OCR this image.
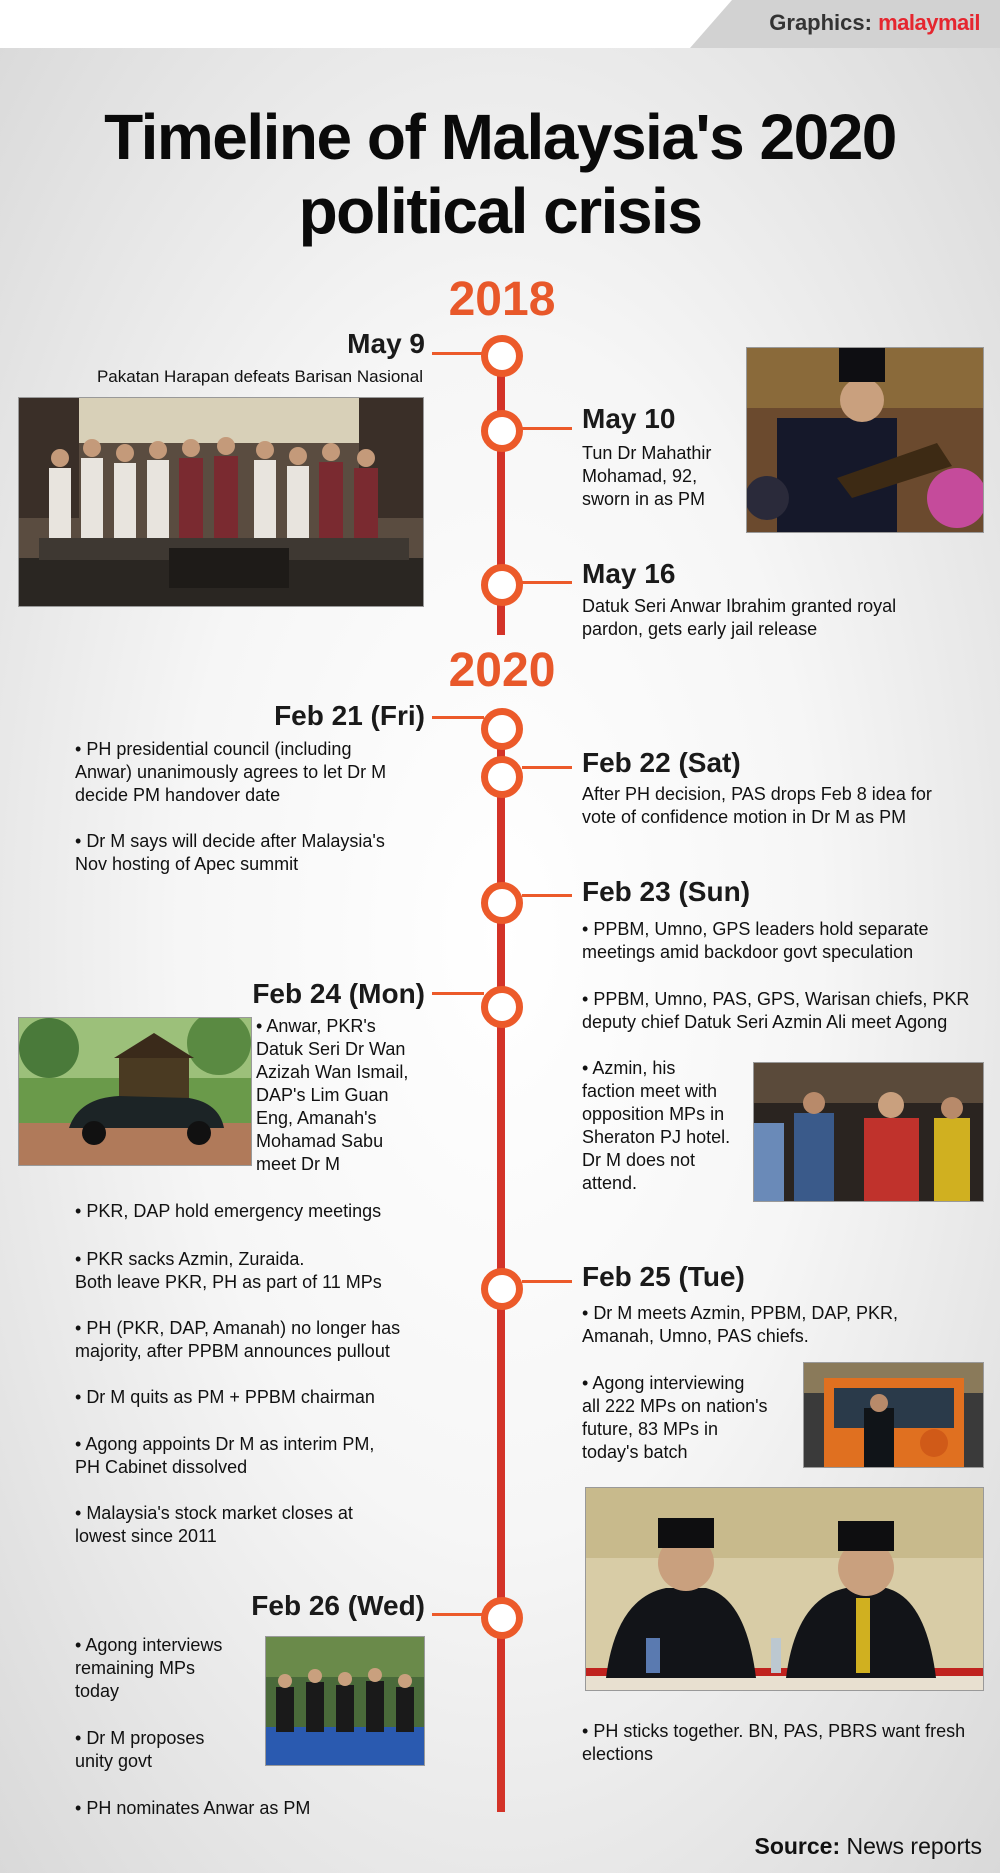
Graphics: malaymail
Timeline of Malaysia's 2020
political crisis
2018
2020
May 9
Pakatan Harapan defeats Barisan Nasional
May 10
Tun Dr Mahathir
Mohamad, 92,
sworn in as PM
May 16
Datuk Seri Anwar Ibrahim granted royal
pardon, gets early jail release
Feb 21 (Fri)
• PH presidential council (including
Anwar) unanimously agrees to let Dr M
decide PM handover date
• Dr M says will decide after Malaysia's
Nov hosting of Apec summit
Feb 22 (Sat)
After PH decision, PAS drops Feb 8 idea for
vote of confidence motion in Dr M as PM
Feb 23 (Sun)
• PPBM, Umno, GPS leaders hold separate
meetings amid backdoor govt speculation
• PPBM, Umno, PAS, GPS, Warisan chiefs, PKR
deputy chief Datuk Seri Azmin Ali meet Agong
• Azmin, his
faction meet with
opposition MPs in
Sheraton PJ hotel.
Dr M does not
attend.
Feb 24 (Mon)
• Anwar, PKR's
Datuk Seri Dr Wan
Azizah Wan Ismail,
DAP's Lim Guan
Eng, Amanah's
Mohamad Sabu
meet Dr M
• PKR, DAP hold emergency meetings
• PKR sacks Azmin, Zuraida.
Both leave PKR, PH as part of 11 MPs
• PH (PKR, DAP, Amanah) no longer has
majority, after PPBM announces pullout
• Dr M quits as PM + PPBM chairman
• Agong appoints Dr M as interim PM,
PH Cabinet dissolved
• Malaysia's stock market closes at
lowest since 2011
Feb 25 (Tue)
• Dr M meets Azmin, PPBM, DAP, PKR,
Amanah, Umno, PAS chiefs.
• Agong interviewing
all 222 MPs on nation's
future, 83 MPs in
today's batch
Feb 26 (Wed)
• Agong interviews
remaining MPs
today
• Dr M proposes
unity govt
• PH nominates Anwar as PM
• PH sticks together. BN, PAS, PBRS want fresh
elections
Source: News reports
